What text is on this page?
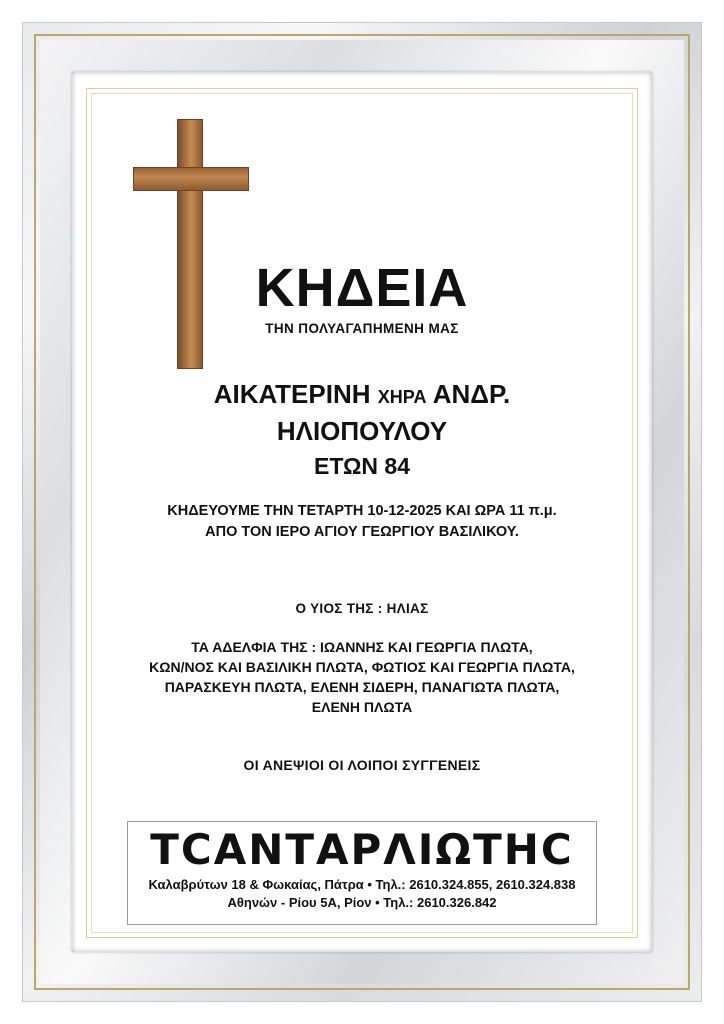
ΚΗΔΕΙΑ
ΤΗΝ ΠΟΛΥΑΓΑΠΗΜΕΝΗ ΜΑΣ
ΑΙΚΑΤΕΡΙΝΗ ΧΗΡΑ ΑΝΔΡ.
ΗΛΙΟΠΟΥΛΟΥ
ΕΤΩΝ 84
ΚΗΔΕΥΟΥΜΕ ΤΗΝ ΤΕΤΑΡΤΗ 10-12-2025 ΚΑΙ ΩΡΑ 11 π.μ.
ΑΠΟ ΤΟΝ ΙΕΡΟ ΑΓΙΟΥ ΓΕΩΡΓΙΟΥ ΒΑΣΙΛΙΚΟΥ.
Ο ΥΙΟΣ ΤΗΣ : ΗΛΙΑΣ
ΤΑ ΑΔΕΛΦΙΑ ΤΗΣ : ΙΩΑΝΝΗΣ ΚΑΙ ΓΕΩΡΓΙΑ ΠΛΩΤΑ,
ΚΩΝ/ΝΟΣ ΚΑΙ ΒΑΣΙΛΙΚΗ ΠΛΩΤΑ, ΦΩΤΙΟΣ ΚΑΙ ΓΕΩΡΓΙΑ ΠΛΩΤΑ,
ΠΑΡΑΣΚΕΥΗ ΠΛΩΤΑ, ΕΛΕΝΗ ΣΙΔΕΡΗ, ΠΑΝΑΓΙΩΤΑ ΠΛΩΤΑ,
ΕΛΕΝΗ ΠΛΩΤΑ
ΟΙ ΑΝΕΨΙΟΙ ΟΙ ΛΟΙΠΟΙ ΣΥΓΓΕΝΕΙΣ
ΤϹΑΝΤΑΡΛΙΩΤΗϹ
Καλαβρύτων 18 & Φωκαίας, Πάτρα • Τηλ.: 2610.324.855, 2610.324.838
Αθηνών - Ρίου 5Α, Ρίον • Τηλ.: 2610.326.842
